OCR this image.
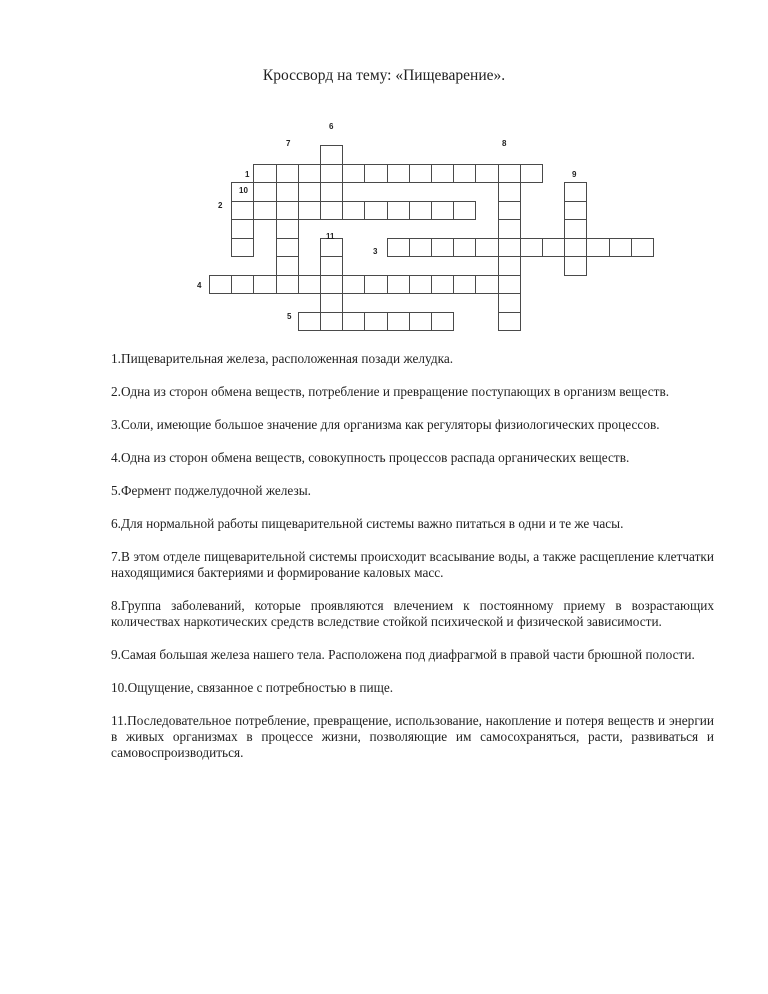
Кроссворд на тему: «Пищеварение».
1
2
3
4
5
6
7	8
9
10
11

1.Пищеварительная железа, расположенная позади желудка.

2.Одна из сторон обмена веществ, потребление и превращение поступающих в организм веществ.

3.Соли, имеющие большое значение для организма как регуляторы физиологических процессов.

4.Одна из сторон обмена веществ, совокупность процессов распада органических веществ.

5.Фермент поджелудочной железы.

6.Для нормальной работы пищеварительной системы важно питаться в одни и те же часы.

7.В этом отделе пищеварительной системы происходит всасывание воды, а также расщепление клетчатки находящимися бактериями и формирование каловых масс.

8.Группа заболеваний, которые проявляются влечением к постоянному приему в возрастающих количествах наркотических средств вследствие стойкой психической и физической зависимости.

9.Самая большая железа нашего тела. Расположена под диафрагмой в правой части брюшной полости.

10.Ощущение, связанное с потребностью в пище.

11.Последовательное потребление, превращение, использование, накопление и потеря веществ и энергии в живых организмах в процессе жизни, позволяющие им самосохраняться, расти, развиваться и самовоспроизводиться.
